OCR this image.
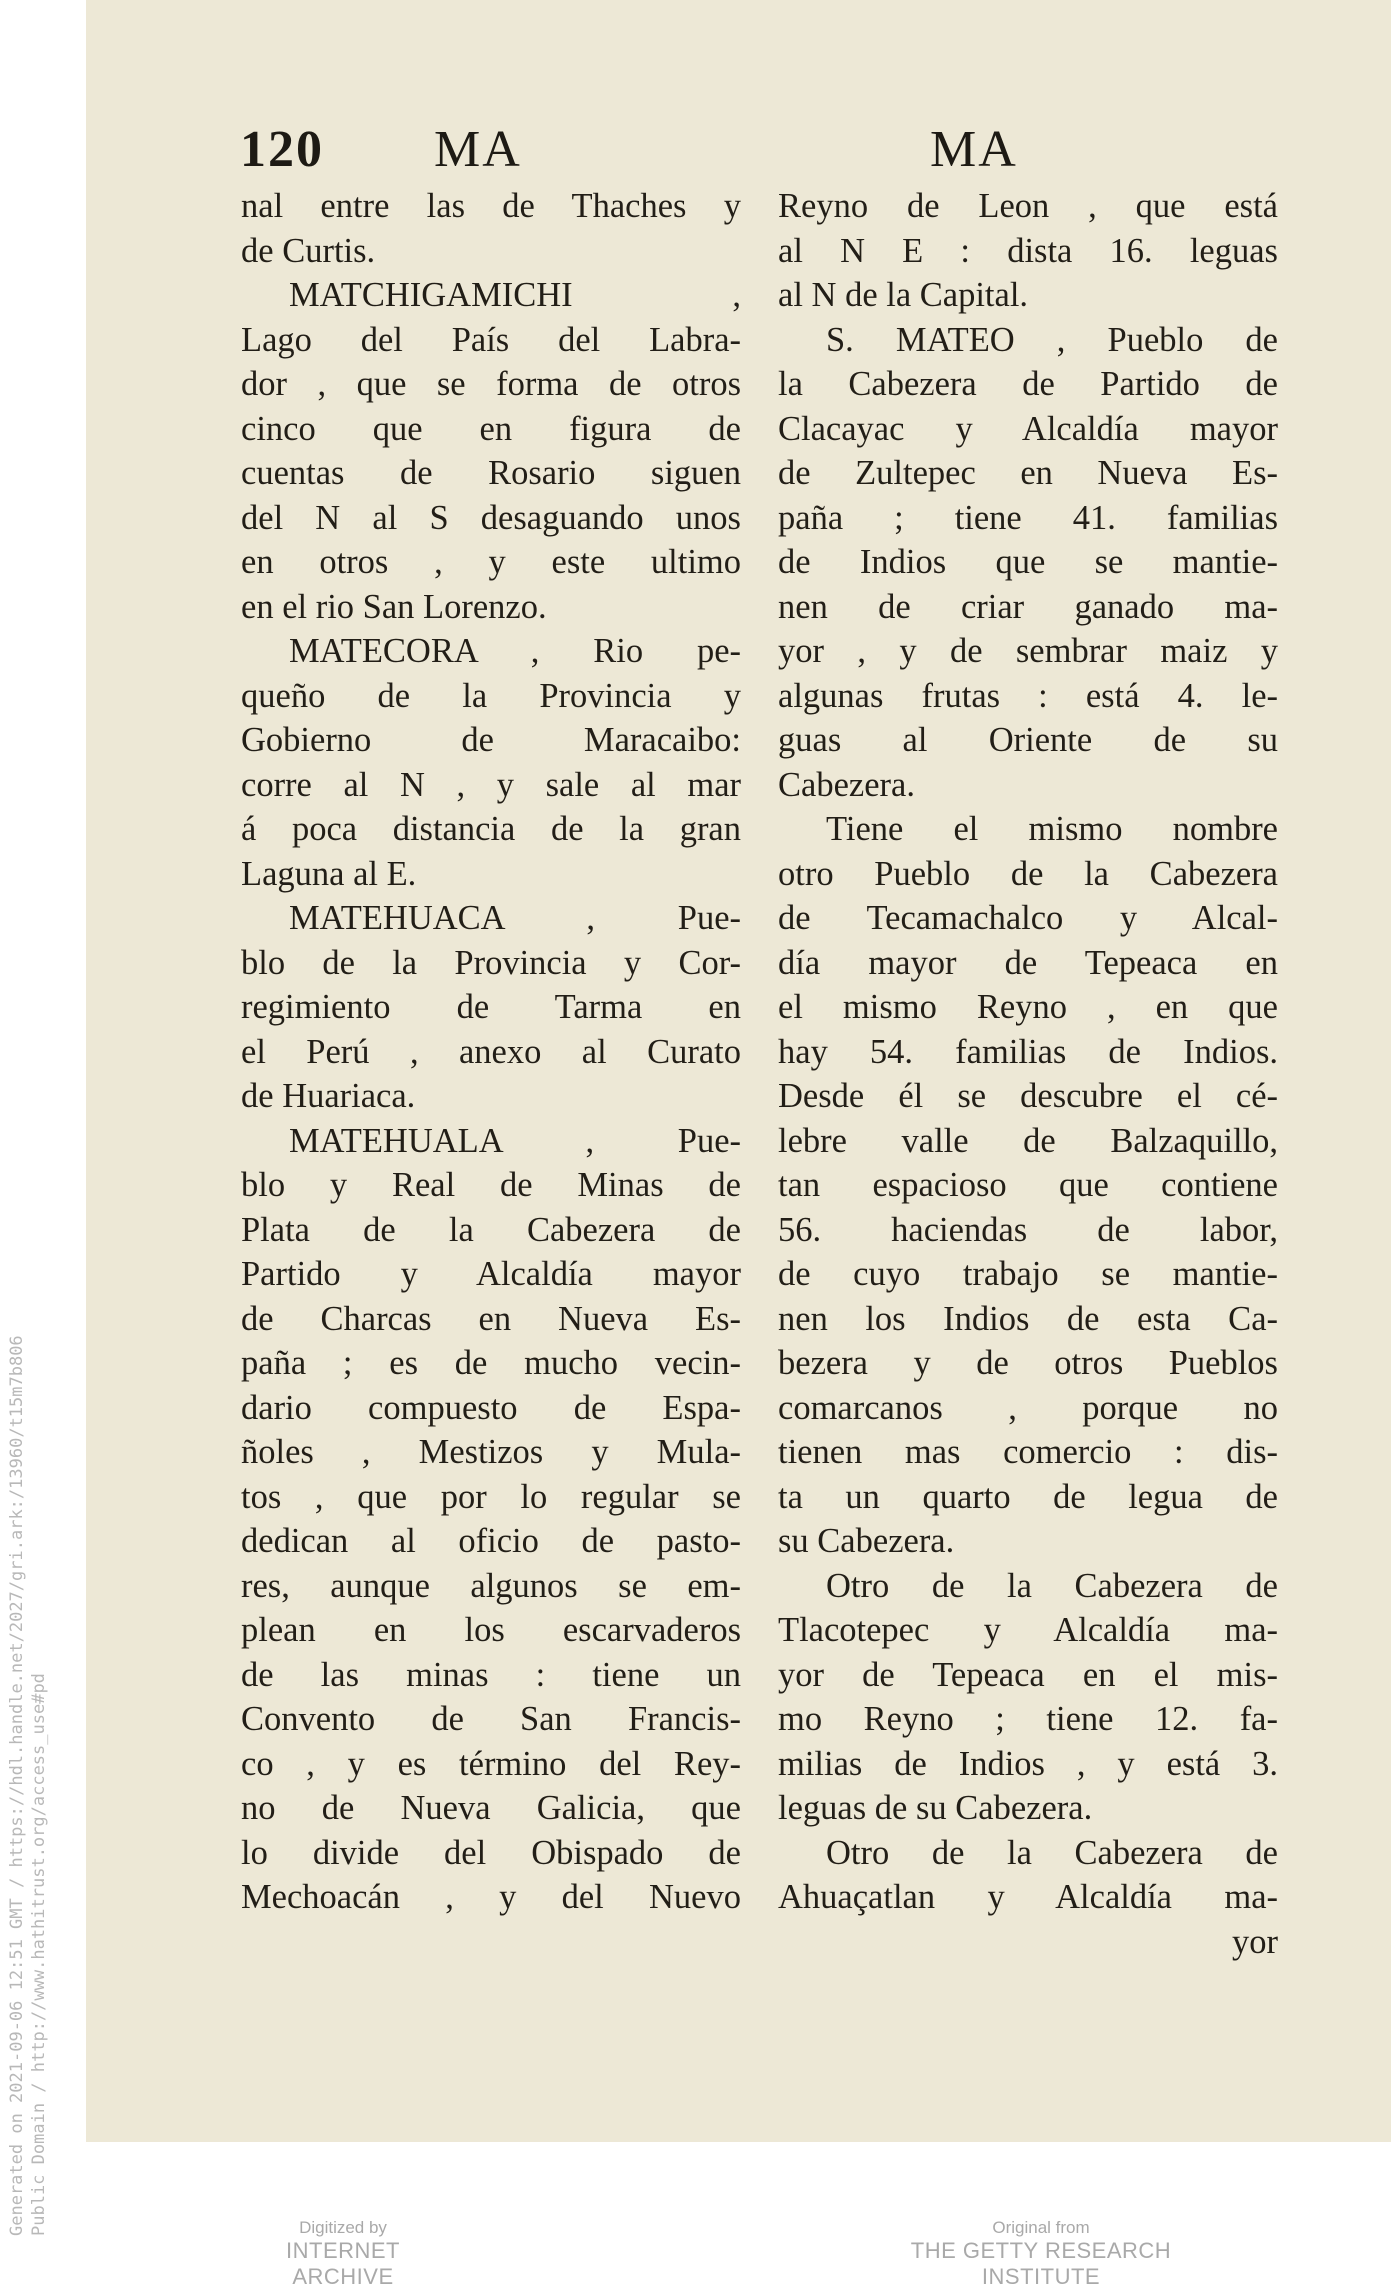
120 MA	MA
nal entre las de Thaches y
de Curtis.
MATCHIGAMICHI ,
Lago del País del Labra-
dor , que se forma de otros
cinco que en figura de
cuentas de Rosario siguen
del N al S desaguando unos
en otros , y este ultimo
en el rio San Lorenzo.
MATECORA , Rio pe-
queño de la Provincia y
Gobierno de Maracaibo:
corre al N , y sale al mar
á poca distancia de la gran
Laguna al E.
MATEHUACA , Pue-
blo de la Provincia y Cor-
regimiento de Tarma en
el Perú , anexo al Curato
de Huariaca.
MATEHUALA , Pue-
blo y Real de Minas de
Plata de la Cabezera de
Partido y Alcaldía mayor
de Charcas en Nueva Es-
paña ; es de mucho vecin-
dario compuesto de Espa-
ñoles , Mestizos y Mula-
tos , que por lo regular se
dedican al oficio de pasto-
res, aunque algunos se em-
plean en los escarvaderos
de las minas : tiene un
Convento de San Francis-
co , y es término del Rey-
no de Nueva Galicia, que
lo divide del Obispado de
Mechoacán , y del Nuevo
Reyno de Leon , que está
al N E : dista 16. leguas
al N de la Capital.
S. MATEO , Pueblo de
la Cabezera de Partido de
Clacayac y Alcaldía mayor
de Zultepec en Nueva Es-
paña ; tiene 41. familias
de Indios que se mantie-
nen de criar ganado ma-
yor , y de sembrar maiz y
algunas frutas : está 4. le-
guas al Oriente de su
Cabezera.
Tiene el mismo nombre
otro Pueblo de la Cabezera
de Tecamachalco y Alcal-
día mayor de Tepeaca en
el mismo Reyno , en que
hay 54. familias de Indios.
Desde él se descubre el cé-
lebre valle de Balzaquillo,
tan espacioso que contiene
56. haciendas de labor,
de cuyo trabajo se mantie-
nen los Indios de esta Ca-
bezera y de otros Pueblos
comarcanos , porque no
tienen mas comercio : dis-
ta un quarto de legua de
su Cabezera.
Otro de la Cabezera de
Tlacotepec y Alcaldía ma-
yor de Tepeaca en el mis-
mo Reyno ; tiene 12. fa-
milias de Indios , y está 3.
leguas de su Cabezera.
Otro de la Cabezera de
Ahuaçatlan y Alcaldía ma-
yor
Generated on 2021-09-06 12:51 GMT / https://hdl.handle.net/2027/gri.ark:/13960/t15m7b806 Public Domain / http://www.hathitrust.org/access_use#pd	Digitized by
INTERNET ARCHIVE
Original from
THE GETTY RESEARCH INSTITUTE
